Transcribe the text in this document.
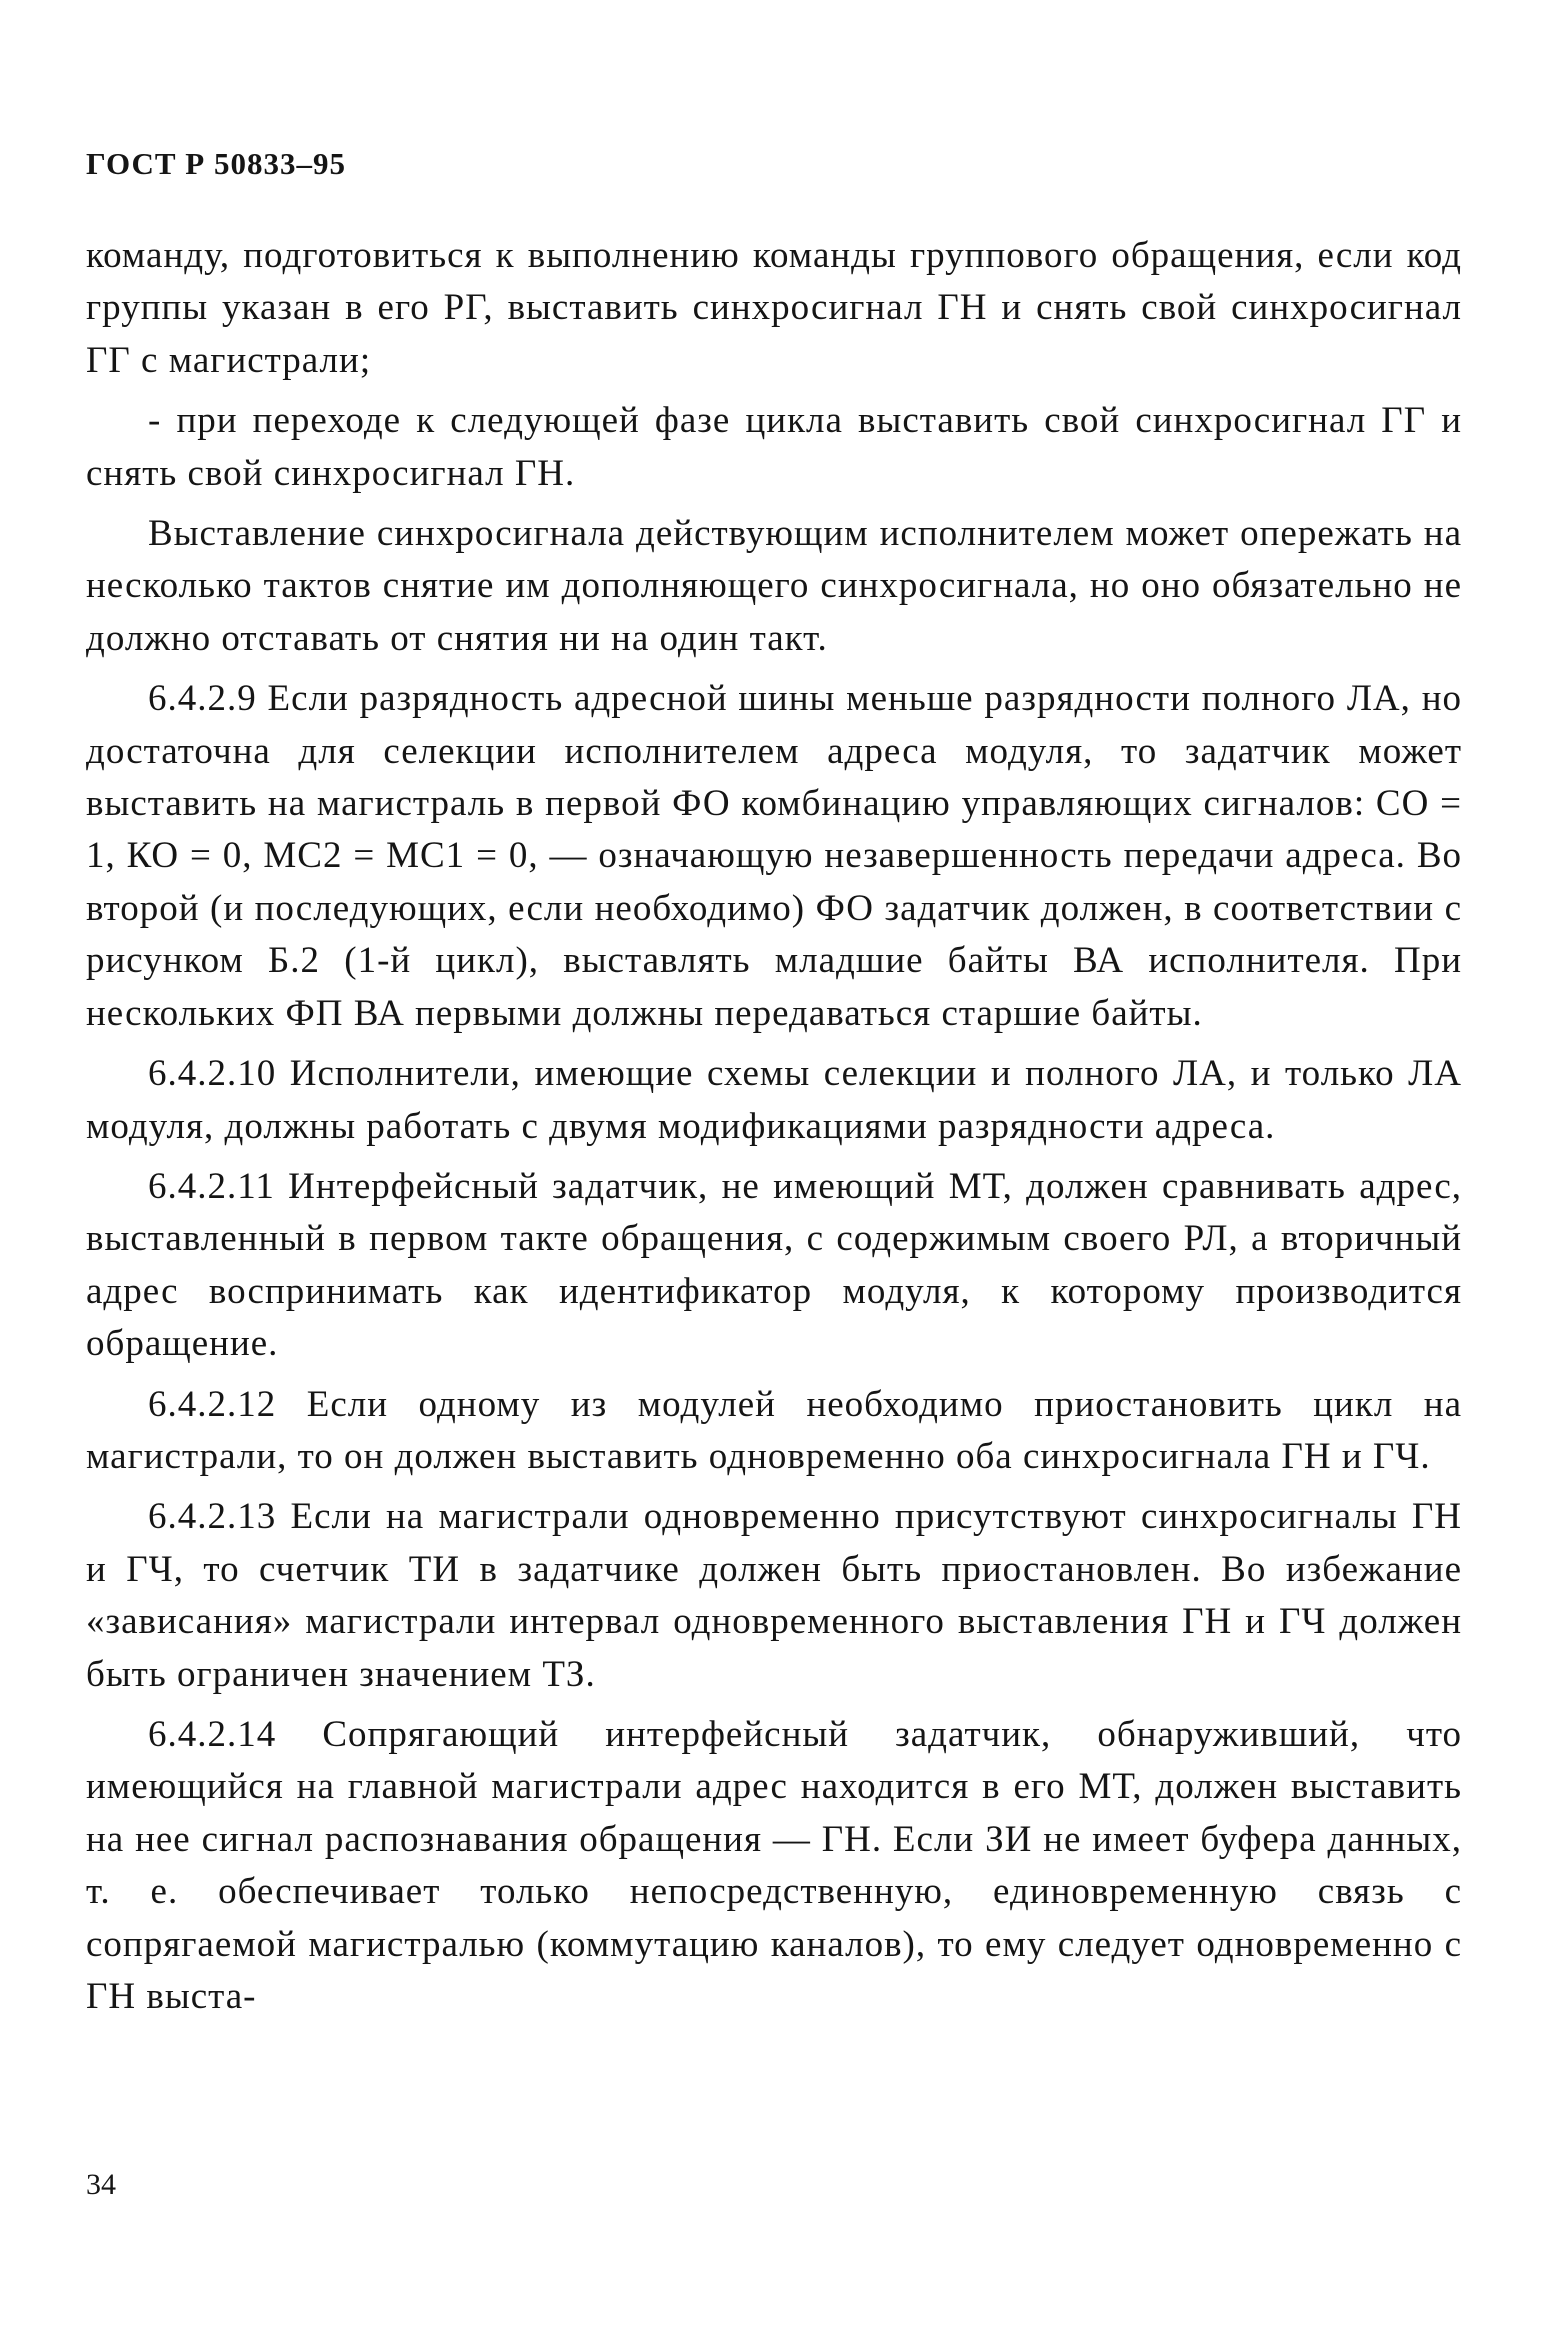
ГОСТ Р 50833–95

команду, подготовиться к выполнению команды группового обращения, если код группы указан в его РГ, выставить синхросигнал ГН и снять свой синхросигнал ГГ с магистрали;

- при переходе к следующей фазе цикла выставить свой синхросигнал ГГ и снять свой синхросигнал ГН.

Выставление синхросигнала действующим исполнителем может опережать на несколько тактов снятие им дополняющего синхросигнала, но оно обязательно не должно отставать от снятия ни на один такт.

6.4.2.9 Если разрядность адресной шины меньше разрядности полного ЛА, но достаточна для селекции исполнителем адреса модуля, то задатчик может выставить на магистраль в первой ФО комбинацию управляющих сигналов: СО = 1, КО = 0, МС2 = МС1 = 0, — означающую незавершенность передачи адреса. Во второй (и последующих, если необходимо) ФО задатчик должен, в соответствии с рисунком Б.2 (1-й цикл), выставлять младшие байты ВА исполнителя. При нескольких ФП ВА первыми должны передаваться старшие байты.

6.4.2.10 Исполнители, имеющие схемы селекции и полного ЛА, и только ЛА модуля, должны работать с двумя модификациями разрядности адреса.

6.4.2.11 Интерфейсный задатчик, не имеющий МТ, должен сравнивать адрес, выставленный в первом такте обращения, с содержимым своего РЛ, а вторичный адрес воспринимать как идентификатор модуля, к которому производится обращение.

6.4.2.12 Если одному из модулей необходимо приостановить цикл на магистрали, то он должен выставить одновременно оба синхросигнала ГН и ГЧ.

6.4.2.13 Если на магистрали одновременно присутствуют синхросигналы ГН и ГЧ, то счетчик ТИ в задатчике должен быть приостановлен. Во избежание «зависания» магистрали интервал одновременного выставления ГН и ГЧ должен быть ограничен значением ТЗ.

6.4.2.14 Сопрягающий интерфейсный задатчик, обнаруживший, что имеющийся на главной магистрали адрес находится в его МТ, должен выставить на нее сигнал распознавания обращения — ГН. Если ЗИ не имеет буфера данных, т. е. обеспечивает только непосредственную, единовременную связь с сопрягаемой магистралью (коммутацию каналов), то ему следует одновременно с ГН выста-

34
